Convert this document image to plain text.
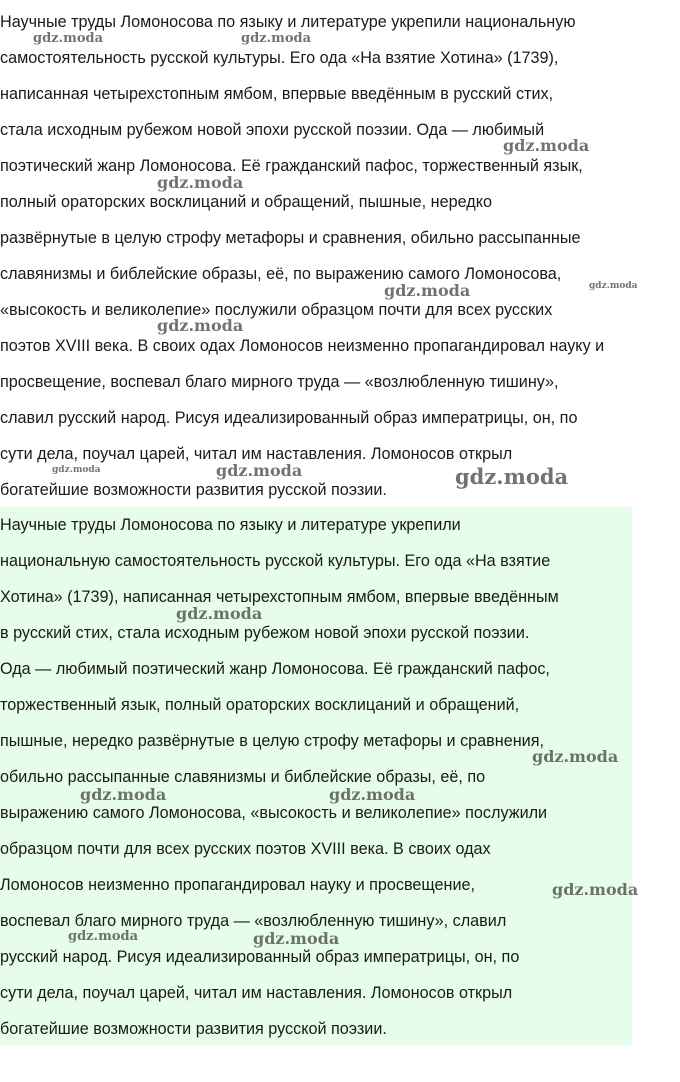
Научные труды Ломоносова по языку и литературе укрепили национальную
самостоятельность русской культуры. Его ода «На взятие Хотина» (1739),
написанная четырехстопным ямбом, впервые введённым в русский стих,
стала исходным рубежом новой эпохи русской поэзии. Ода — любимый
поэтический жанр Ломоносова. Её гражданский пафос, торжественный язык,
полный ораторских восклицаний и обращений, пышные, нередко
развёрнутые в целую строфу метафоры и сравнения, обильно рассыпанные
славянизмы и библейские образы, её, по выражению самого Ломоносова,
«высокость и великолепие» послужили образцом почти для всех русских
поэтов XVIII века. В своих одах Ломоносов неизменно пропагандировал науку и
просвещение, воспевал благо мирного труда — «возлюбленную тишину»,
славил русский народ. Рисуя идеализированный образ императрицы, он, по
сути дела, поучал царей, читал им наставления. Ломоносов открыл
богатейшие возможности развития русской поэзии.
Научные труды Ломоносова по языку и литературе укрепили
национальную самостоятельность русской культуры. Его ода «На взятие
Хотина» (1739), написанная четырехстопным ямбом, впервые введённым
в русский стих, стала исходным рубежом новой эпохи русской поэзии.
Ода — любимый поэтический жанр Ломоносова. Её гражданский пафос,
торжественный язык, полный ораторских восклицаний и обращений,
пышные, нередко развёрнутые в целую строфу метафоры и сравнения,
обильно рассыпанные славянизмы и библейские образы, её, по
выражению самого Ломоносова, «высокость и великолепие» послужили
образцом почти для всех русских поэтов XVIII века. В своих одах
Ломоносов неизменно пропагандировал науку и просвещение,
воспевал благо мирного труда — «возлюбленную тишину», славил
русский народ. Рисуя идеализированный образ императрицы, он, по
сути дела, поучал царей, читал им наставления. Ломоносов открыл
богатейшие возможности развития русской поэзии.
gdz.moda	gdz.moda
gdz.moda
gdz.moda
gdz.moda	gdz.moda
gdz.moda
gdz.moda	gdz.moda	gdz.moda
gdz.moda
gdz.moda
gdz.moda	gdz.moda
gdz.moda
gdz.moda	gdz.moda
